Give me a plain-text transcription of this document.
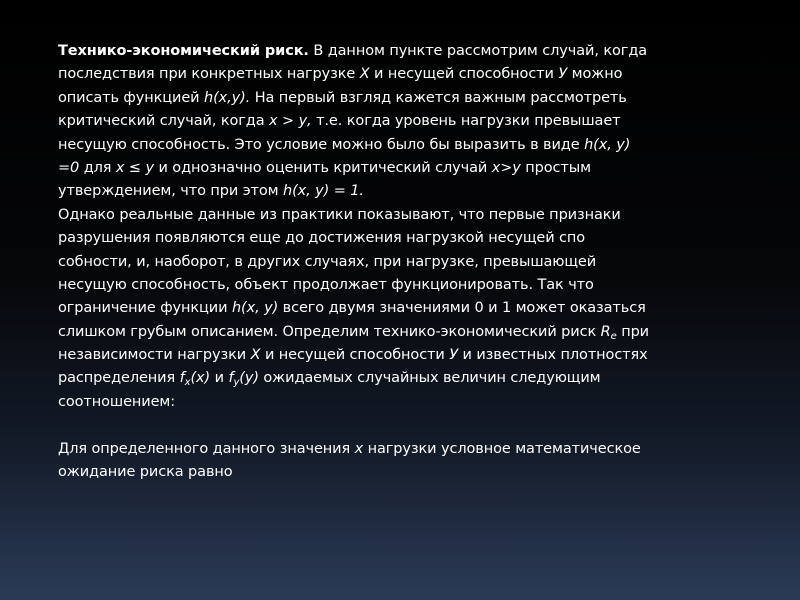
Технико-экономический риск. В данном пункте рассмотрим случай, когда
последствия при конкретных нагрузке X и несущей способности У можно
описать функцией h(x,y). На первый взгляд кажется важным рассмотреть
критический случай, когда х > у, т.е. когда уровень нагрузки превышает
несущую способность. Это условие можно было бы выразить в виде h(x, у)
=0 для х ≤ у и однозначно оценить критический случай х>у простым
утверждением, что при этом h(x, у) = 1.
Однако реальные данные из практики показывают, что первые признаки
разрушения появляются еще до достижения нагрузкой несущей спо
собности, и, наоборот, в других случаях, при нагрузке, превышающей
несущую способность, объект продолжает функционировать. Так что
ограничение функции h(x, у) всего двумя значениями 0 и 1 может оказаться
слишком грубым описанием. Определим технико-экономический риск $R_e$ при
независимости нагрузки X и несущей способности У и известных плотностях
распределения $f_x(x)$ и $f_y(у)$ ожидаемых случайных величин следующим
соотношением:
Для определенного данного значения х нагрузки условное математическое
ожидание риска равно
